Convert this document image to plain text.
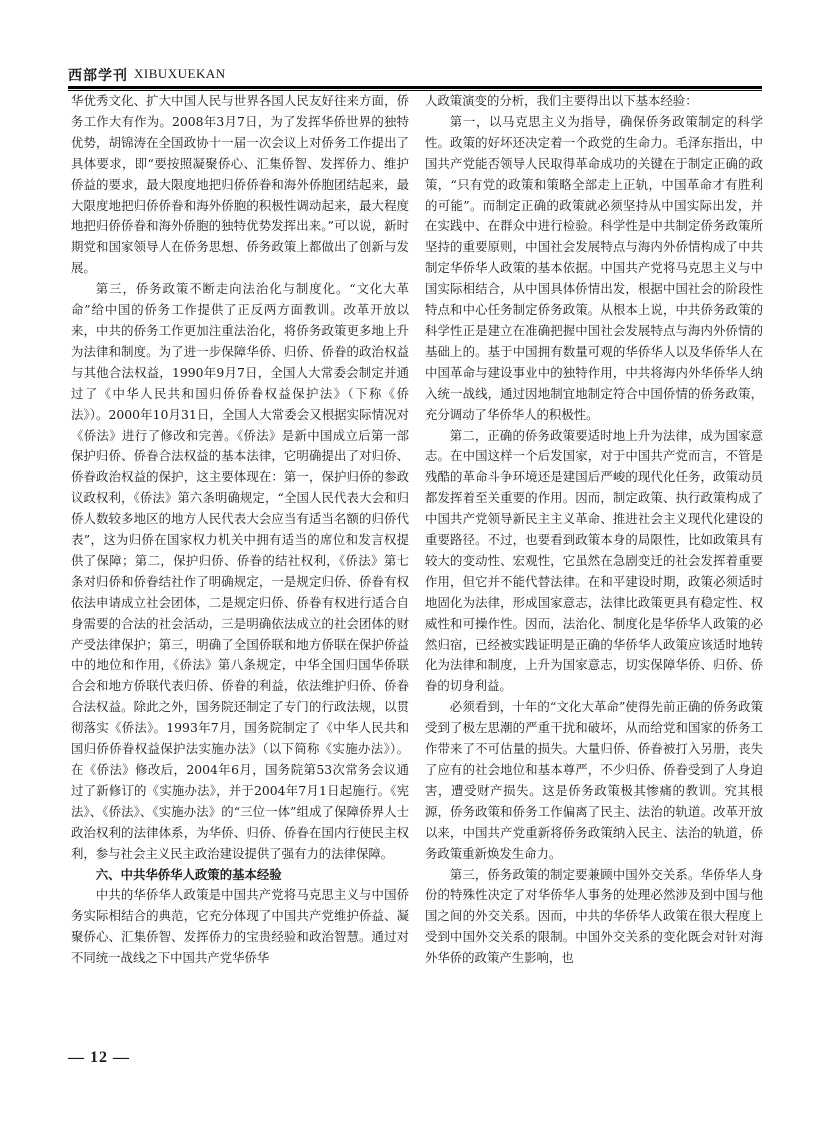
西部学刊 XIBUXUEKAN

华优秀文化、扩大中国人民与世界各国人民友好往来方面，侨务工作大有作为。2008年3月7日，为了发挥华侨世界的独特优势，胡锦涛在全国政协十一届一次会议上对侨务工作提出了具体要求，即“要按照凝聚侨心、汇集侨智、发挥侨力、维护侨益的要求，最大限度地把归侨侨眷和海外侨胞团结起来，最大限度地把归侨侨眷和海外侨胞的积极性调动起来，最大程度地把归侨侨眷和海外侨胞的独特优势发挥出来。”可以说，新时期党和国家领导人在侨务思想、侨务政策上都做出了创新与发展。

第三，侨务政策不断走向法治化与制度化。“文化大革命”给中国的侨务工作提供了正反两方面教训。改革开放以来，中共的侨务工作更加注重法治化，将侨务政策更多地上升为法律和制度。为了进一步保障华侨、归侨、侨眷的政治权益与其他合法权益，1990年9月7日，全国人大常委会制定并通过了《中华人民共和国归侨侨眷权益保护法》（下称《侨法》）。2000年10月31日，全国人大常委会又根据实际情况对《侨法》进行了修改和完善。《侨法》是新中国成立后第一部保护归侨、侨眷合法权益的基本法律，它明确提出了对归侨、侨眷政治权益的保护，这主要体现在：第一，保护归侨的参政议政权利，《侨法》第六条明确规定，“全国人民代表大会和归侨人数较多地区的地方人民代表大会应当有适当名额的归侨代表”，这为归侨在国家权力机关中拥有适当的席位和发言权提供了保障；第二，保护归侨、侨眷的结社权利，《侨法》第七条对归侨和侨眷结社作了明确规定，一是规定归侨、侨眷有权依法申请成立社会团体，二是规定归侨、侨眷有权进行适合自身需要的合法的社会活动，三是明确依法成立的社会团体的财产受法律保护；第三，明确了全国侨联和地方侨联在保护侨益中的地位和作用，《侨法》第八条规定，中华全国归国华侨联合会和地方侨联代表归侨、侨眷的利益，依法维护归侨、侨眷合法权益。除此之外，国务院还制定了专门的行政法规，以贯彻落实《侨法》。1993年7月，国务院制定了《中华人民共和国归侨侨眷权益保护法实施办法》（以下简称《实施办法》）。在《侨法》修改后，2004年6月，国务院第53次常务会议通过了新修订的《实施办法》，并于2004年7月1日起施行。《宪法》、《侨法》、《实施办法》的“三位一体”组成了保障侨界人士政治权利的法律体系，为华侨、归侨、侨眷在国内行使民主权利，参与社会主义民主政治建设提供了强有力的法律保障。

六、中共华侨华人政策的基本经验

中共的华侨华人政策是中国共产党将马克思主义与中国侨务实际相结合的典范，它充分体现了中国共产党维护侨益、凝聚侨心、汇集侨智、发挥侨力的宝贵经验和政治智慧。通过对不同统一战线之下中国共产党华侨华

人政策演变的分析，我们主要得出以下基本经验：

第一，以马克思主义为指导，确保侨务政策制定的科学性。政策的好坏还决定着一个政党的生命力。毛泽东指出，中国共产党能否领导人民取得革命成功的关键在于制定正确的政策，“只有党的政策和策略全部走上正轨，中国革命才有胜利的可能”。而制定正确的政策就必须坚持从中国实际出发，并在实践中、在群众中进行检验。科学性是中共制定侨务政策所坚持的重要原则，中国社会发展特点与海内外侨情构成了中共制定华侨华人政策的基本依据。中国共产党将马克思主义与中国实际相结合，从中国具体侨情出发，根据中国社会的阶段性特点和中心任务制定侨务政策。从根本上说，中共侨务政策的科学性正是建立在准确把握中国社会发展特点与海内外侨情的基础上的。基于中国拥有数量可观的华侨华人以及华侨华人在中国革命与建设事业中的独特作用，中共将海内外华侨华人纳入统一战线，通过因地制宜地制定符合中国侨情的侨务政策，充分调动了华侨华人的积极性。

第二，正确的侨务政策要适时地上升为法律，成为国家意志。在中国这样一个后发国家，对于中国共产党而言，不管是残酷的革命斗争环境还是建国后严峻的现代化任务，政策动员都发挥着至关重要的作用。因而，制定政策、执行政策构成了中国共产党领导新民主主义革命、推进社会主义现代化建设的重要路径。不过，也要看到政策本身的局限性，比如政策具有较大的变动性、宏观性，它虽然在急剧变迁的社会发挥着重要作用，但它并不能代替法律。在和平建设时期，政策必须适时地固化为法律，形成国家意志，法律比政策更具有稳定性、权威性和可操作性。因而，法治化、制度化是华侨华人政策的必然归宿，已经被实践证明是正确的华侨华人政策应该适时地转化为法律和制度，上升为国家意志，切实保障华侨、归侨、侨眷的切身利益。

必须看到，十年的“文化大革命”使得先前正确的侨务政策受到了极左思潮的严重干扰和破坏，从而给党和国家的侨务工作带来了不可估量的损失。大量归侨、侨眷被打入另册，丧失了应有的社会地位和基本尊严，不少归侨、侨眷受到了人身迫害，遭受财产损失。这是侨务政策极其惨痛的教训。究其根源，侨务政策和侨务工作偏离了民主、法治的轨道。改革开放以来，中国共产党重新将侨务政策纳入民主、法治的轨道，侨务政策重新焕发生命力。

第三，侨务政策的制定要兼顾中国外交关系。华侨华人身份的特殊性决定了对华侨华人事务的处理必然涉及到中国与他国之间的外交关系。因而，中共的华侨华人政策在很大程度上受到中国外交关系的限制。中国外交关系的变化既会对针对海外华侨的政策产生影响，也

— 12 —
